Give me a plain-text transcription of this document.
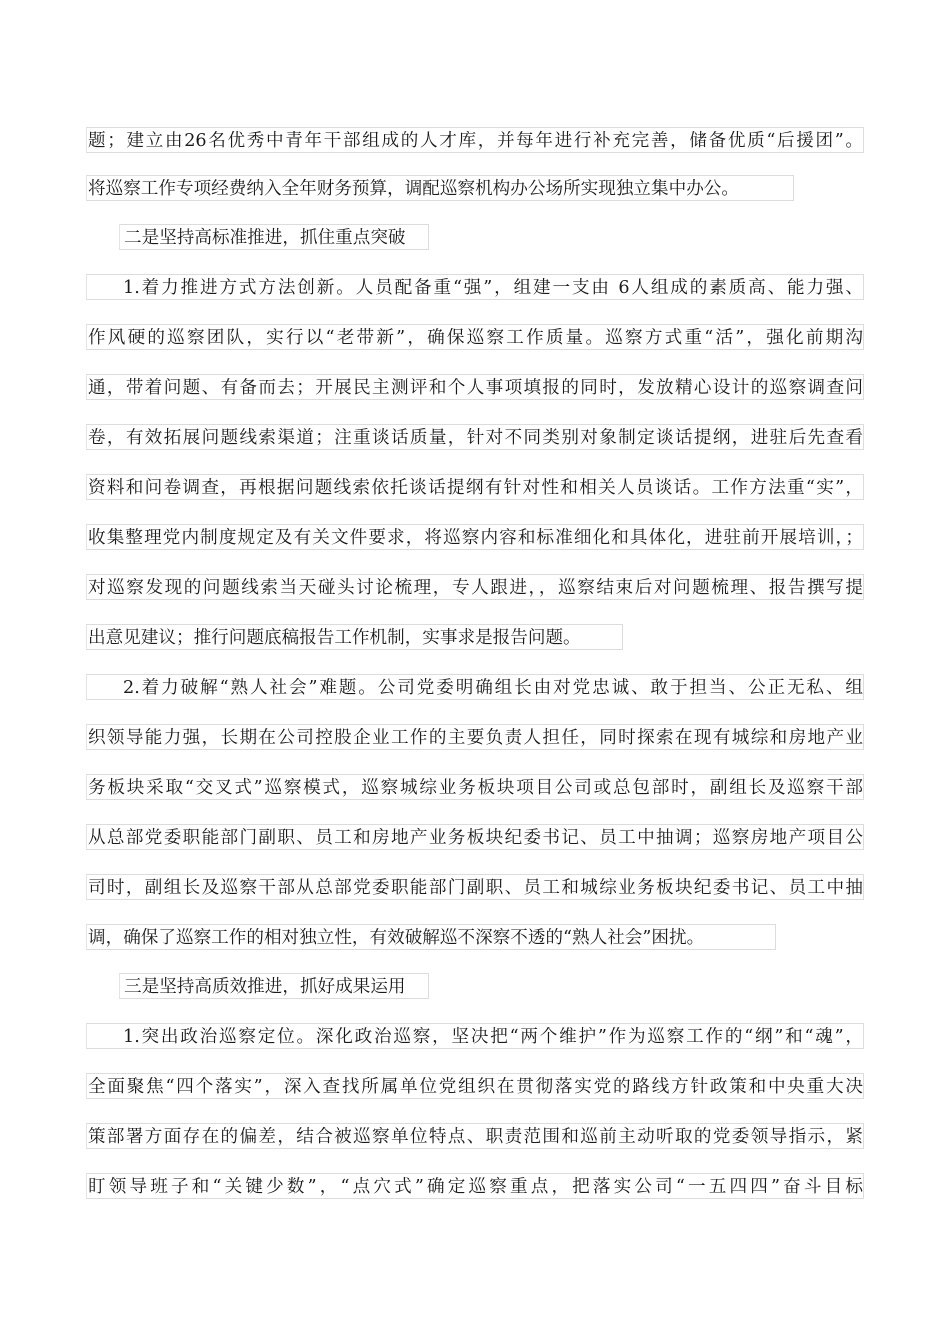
题；建立由26名优秀中青年干部组成的人才库，并每年进行补充完善，储备优质“后援团”。
将巡察工作专项经费纳入全年财务预算，调配巡察机构办公场所实现独立集中办公。
二是坚持高标准推进，抓住重点突破
1.着力推进方式方法创新。人员配备重“强”，组建一支由 6人组成的素质高、能力强、
作风硬的巡察团队，实行以“老带新”，确保巡察工作质量。巡察方式重“活”，强化前期沟
通，带着问题、有备而去；开展民主测评和个人事项填报的同时，发放精心设计的巡察调查问
卷，有效拓展问题线索渠道；注重谈话质量，针对不同类别对象制定谈话提纲，进驻后先查看
资料和问卷调查，再根据问题线索依托谈话提纲有针对性和相关人员谈话。工作方法重“实”，
收集整理党内制度规定及有关文件要求，将巡察内容和标准细化和具体化，进驻前开展培训，；
对巡察发现的问题线索当天碰头讨论梳理，专人跟进，，巡察结束后对问题梳理、报告撰写提
出意见建议；推行问题底稿报告工作机制，实事求是报告问题。
2.着力破解“熟人社会”难题。公司党委明确组长由对党忠诚、敢于担当、公正无私、组
织领导能力强，长期在公司控股企业工作的主要负责人担任，同时探索在现有城综和房地产业
务板块采取“交叉式”巡察模式，巡察城综业务板块项目公司或总包部时，副组长及巡察干部
从总部党委职能部门副职、员工和房地产业务板块纪委书记、员工中抽调；巡察房地产项目公
司时，副组长及巡察干部从总部党委职能部门副职、员工和城综业务板块纪委书记、员工中抽
调，确保了巡察工作的相对独立性，有效破解巡不深察不透的“熟人社会”困扰。
三是坚持高质效推进，抓好成果运用
1.突出政治巡察定位。深化政治巡察，坚决把“两个维护”作为巡察工作的“纲”和“魂”，
全面聚焦“四个落实”，深入查找所属单位党组织在贯彻落实党的路线方针政策和中央重大决
策部署方面存在的偏差，结合被巡察单位特点、职责范围和巡前主动听取的党委领导指示，紧
盯领导班子和“关键少数”，“点穴式”确定巡察重点，把落实公司“一五四四”奋斗目标
